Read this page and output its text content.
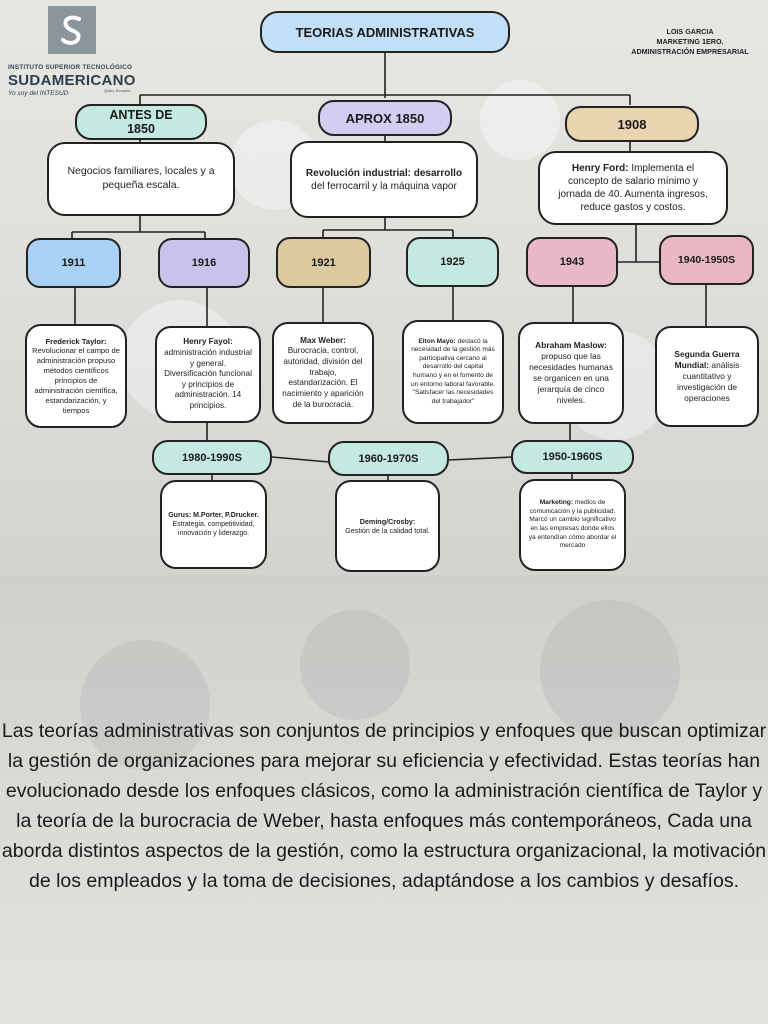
INSTITUTO SUPERIOR TECNOLÓGICO
SUDAMERICANO
Quito, Ecuador
Yo soy del INTESUD
LOIS GARCIA
MARKETING 1ERO.
ADMINISTRACIÓN EMPRESARIAL
TEORIAS ADMINISTRATIVAS
ANTES DE 1850
APROX 1850	1908
Negocios familiares, locales y a pequeña escala.
Revolución industrial: desarrollo
del ferrocarril y la máquina vapor
Henry Ford: Implementa el concepto de salario mínimo y jornada de 40. Aumenta ingresos, reduce gastos y costos.
1911	1916	1921	1925	1943	1940-1950S
Frederick Taylor: Revolucionar el campo de administración propuso métodos científicos principios de administración científica, estandarización, y tiempos
Henry Fayol:
administración industrial y general. Diversificación funcional y principios de administración. 14 principios.
Max Weber:
Burocracia, control, autoridad, división del trabajo, estandarización. El nacimiento y aparición de la burocracia.
Elton Mayo: destacó la necesidad de la gestión más participativa cercano al desarrollo del capital humano y en el fomento de un entorno laboral favorable. "Satisfacer las necesidades del trabajador"
Abraham Maslow:
propuso que las necesidades humanas se organicen en una jerarquía de cinco niveles.
Segunda Guerra Mundial: análisis cuantitativo y investigación de operaciones
1980-1990S	1960-1970S	1950-1960S
Gurus: M.Porter, P.Drucker.
Estrategia, competitividad, innovación y liderazgo.
Deming/Crosby:
Gestión de la calidad total.
Marketing: medios de comunicación y la publicidad. Marcó un cambio significativo en las empresas donde ellos ya entendían cómo abordar el mercado
Las teorías administrativas son conjuntos de principios y enfoques que buscan optimizar la gestión de organizaciones para mejorar su eficiencia y efectividad. Estas teorías han evolucionado desde los enfoques clásicos, como la administración científica de Taylor y la teoría de la burocracia de Weber, hasta enfoques más contemporáneos, Cada una aborda distintos aspectos de la gestión, como la estructura organizacional, la motivación de los empleados y la toma de decisiones, adaptándose a los cambios y desafíos.
